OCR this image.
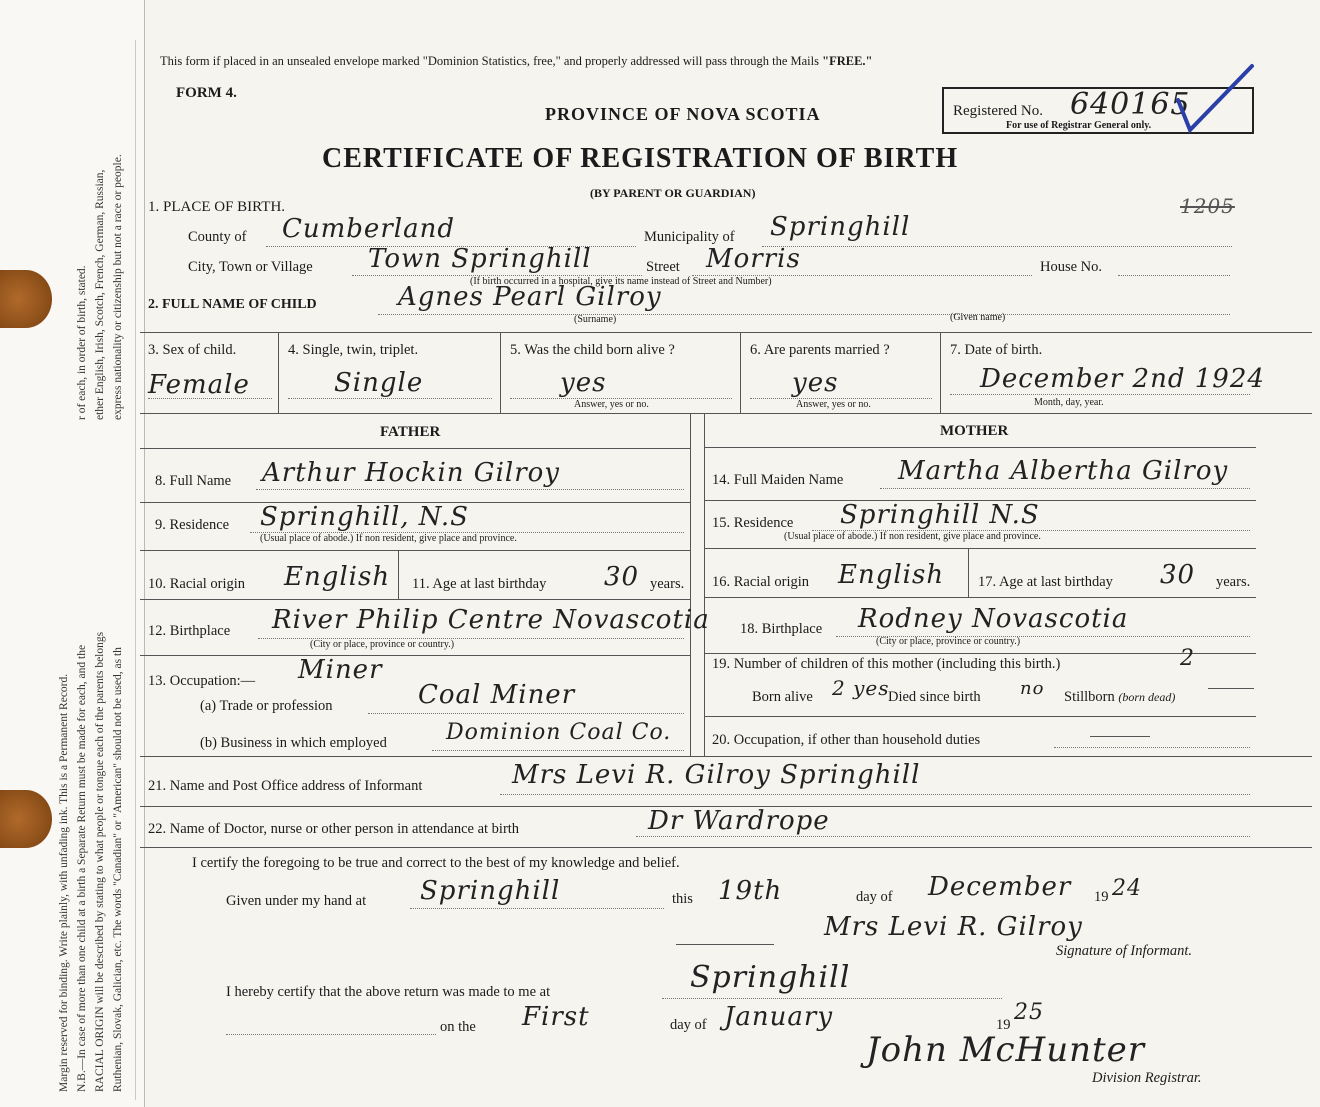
Margin reserved for binding. Write plainly, with unfading ink. This is a Permanent Record. N.B.—In case of more than one child at a birth a Separate Return must be made for each, and the RACIAL ORIGIN will be described by stating to what people or tongue each of the parents belongs Ruthenian, Slovak, Galician, etc. The words "Canadian" or "American" should not be used, as th
r of each, in order of birth, stated. ether English, Irish, Scotch, French, German, Russian, express nationality or citizenship but not a race or people.
This form if placed in an unsealed envelope marked "Dominion Statistics, free," and properly addressed will pass through the Mails "FREE."
FORM 4.
PROVINCE OF NOVA SCOTIA
CERTIFICATE OF REGISTRATION OF BIRTH
(BY PARENT OR GUARDIAN)
Registered No. 640165
For use of Registrar General only.
1205
1. PLACE OF BIRTH.
County of Cumberland	Municipality of Springhill
City, Town or Village Town Springhill	Street Morris	House No.
(If birth occurred in a hospital, give its name instead of Street and Number)
2. FULL NAME OF CHILD	Agnes Pearl Gilroy
(Surname)	(Given name)
3. Sex of child.
Female
4. Single, twin, triplet.
Single
5. Was the child born alive ?
yes
Answer, yes or no.
6. Are parents married ?
yes
Answer, yes or no.
7. Date of birth.
December 2nd 1924
Month, day, year.
FATHER	MOTHER
8. Full Name Arthur Hockin Gilroy
9. Residence Springhill, N.S
(Usual place of abode.) If non resident, give place and province.
10. Racial origin English 11. Age at last birthday 30 years.
12. Birthplace River Philip Centre Novascotia
(City or place, province or country.)
13. Occupation:— Miner
(a) Trade or profession	Coal Miner
(b) Business in which employed	Dominion Coal Co.
14. Full Maiden Name Martha Albertha Gilroy
15. Residence Springhill N.S
(Usual place of abode.) If non resident, give place and province.
16. Racial origin English 17. Age at last birthday 30 years.
18. Birthplace Rodney Novascotia
(City or place, province or country.)
19. Number of children of this mother (including this birth.)	2
Born alive 2 yes
Died since birth no Stillborn (born dead)
20. Occupation, if other than household duties
21. Name and Post Office address of Informant	Mrs Levi R. Gilroy Springhill
22. Name of Doctor, nurse or other person in attendance at birth	Dr Wardrope
I certify the foregoing to be true and correct to the best of my knowledge and belief.
Given under my hand at Springhill	this 19th	day of December 19 24
Mrs Levi R. Gilroy
Signature of Informant.
I hereby certify that the above return was made to me at	Springhill
on the First	day of January	19 25
John McHunter
Division Registrar.
